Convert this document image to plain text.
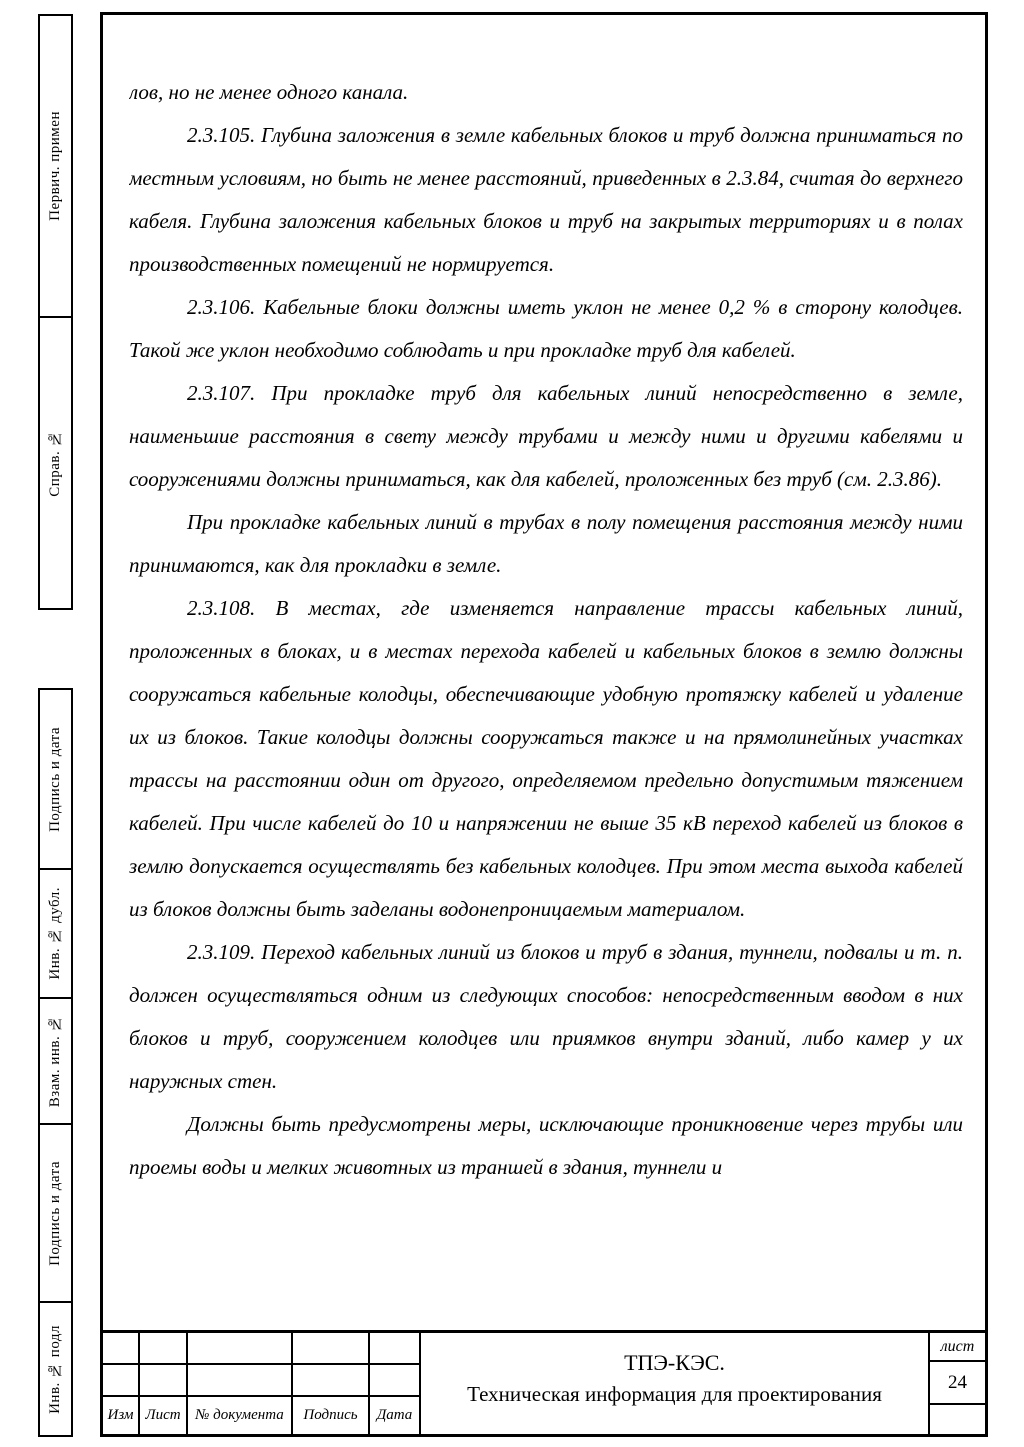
Первич. примен
Справ. №
Подпись и дата
Инв. № дубл.
Взам. инв. №
Подпись и дата
Инв. № подл

лов, но не менее одного канала.

2.3.105. Глубина заложения в земле кабельных блоков и труб должна приниматься по местным условиям, но быть не менее расстояний, приведенных в 2.3.84, считая до верхнего кабеля. Глубина заложения кабельных блоков и труб на закрытых территориях и в полах производственных помещений не нормируется.

2.3.106. Кабельные блоки должны иметь уклон не менее 0,2 % в сторону колодцев. Такой же уклон необходимо соблюдать и при прокладке труб для кабелей.

2.3.107. При прокладке труб для кабельных линий непосредственно в земле, наименьшие расстояния в свету между трубами и между ними и другими кабелями и сооружениями должны приниматься, как для кабелей, проложенных без труб (см. 2.3.86).

При прокладке кабельных линий в трубах в полу помещения расстояния между ними принимаются, как для прокладки в земле.

2.3.108. В местах, где изменяется направление трассы кабельных линий, проложенных в блоках, и в местах перехода кабелей и кабельных блоков в землю должны сооружаться кабельные колодцы, обеспечивающие удобную протяжку кабелей и удаление их из блоков. Такие колодцы должны сооружаться также и на прямолинейных участках трассы на расстоянии один от другого, определяемом предельно допустимым тяжением кабелей. При числе кабелей до 10 и напряжении не выше 35 кВ переход кабелей из блоков в землю допускается осуществлять без кабельных колодцев. При этом места выхода кабелей из блоков должны быть заделаны водонепроницаемым материалом.

2.3.109. Переход кабельных линий из блоков и труб в здания, туннели, подвалы и т. п. должен осуществляться одним из следующих способов: непосредственным вводом в них блоков и труб, сооружением колодцев или приямков внутри зданий, либо камер у их наружных стен.

Должны быть предусмотрены меры, исключающие проникновение через трубы или проемы воды и мелких животных из траншей в здания, туннели и

Изм Лист № документа	Подпись	Дата
ТПЭ-КЭС.
Техническая информация для проектирования
лист
24
